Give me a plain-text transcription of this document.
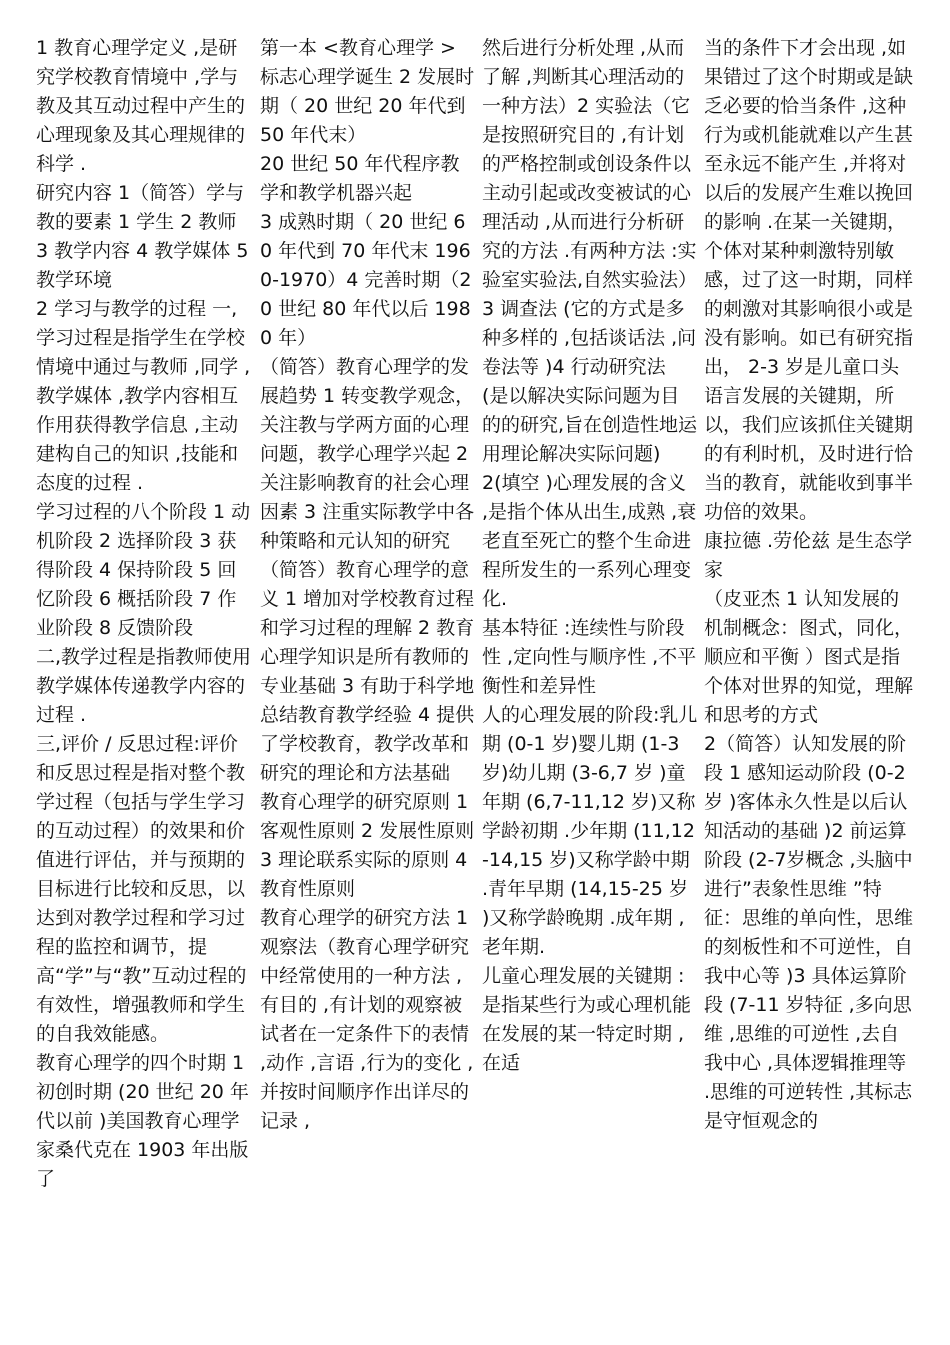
1 教育心理学定义 ,是研究学校教育情境中 ,学与教及其互动过程中产生的心理现象及其心理规律的科学 .

研究内容 1（简答）学与教的要素 1 学生 2 教师 3 教学内容 4 教学媒体 5 教学环境

2 学习与教学的过程 一,学习过程是指学生在学校情境中通过与教师 ,同学 ,教学媒体 ,教学内容相互作用获得教学信息 ,主动建构自己的知识 ,技能和态度的过程 .

学习过程的八个阶段 1 动机阶段 2 选择阶段 3 获得阶段 4 保持阶段 5 回忆阶段 6 概括阶段 7 作业阶段 8 反馈阶段

二,教学过程是指教师使用教学媒体传递教学内容的过程 .

三,评价 / 反思过程:评价和反思过程是指对整个教学过程（包括与学生学习的互动过程）的效果和价值进行评估，并与预期的目标进行比较和反思，以达到对教学过程和学习过程的监控和调节，提高“学”与“教”互动过程的有效性，增强教师和学生的自我效能感。

教育心理学的四个时期 1 初创时期 (20 世纪 20 年代以前 )美国教育心理学家桑代克在 1903 年出版了

第一本 <教育心理学 > 标志心理学诞生 2 发展时期（ 20 世纪 20 年代到 50 年代末）

20 世纪 50 年代程序教学和教学机器兴起

3 成熟时期（ 20 世纪 60 年代到 70 年代末 1960-1970）4 完善时期（20 世纪 80 年代以后 1980 年）

（简答）教育心理学的发展趋势 1 转变教学观念，关注教与学两方面的心理问题，教学心理学兴起 2 关注影响教育的社会心理因素 3 注重实际教学中各种策略和元认知的研究

（简答）教育心理学的意义 1 增加对学校教育过程和学习过程的理解 2 教育心理学知识是所有教师的专业基础 3 有助于科学地总结教育教学经验 4 提供了学校教育，教学改革和研究的理论和方法基础

教育心理学的研究原则 1 客观性原则 2 发展性原则 3 理论联系实际的原则 4 教育性原则

教育心理学的研究方法 1 观察法（教育心理学研究中经常使用的一种方法 ,有目的 ,有计划的观察被试者在一定条件下的表情 ,动作 ,言语 ,行为的变化 ,并按时间顺序作出详尽的记录 ,

然后进行分析处理 ,从而了解 ,判断其心理活动的一种方法）2 实验法（它是按照研究目的 ,有计划的严格控制或创设条件以主动引起或改变被试的心理活动 ,从而进行分析研究的方法 .有两种方法 :实验室实验法,自然实验法）

3 调查法 (它的方式是多种多样的 ,包括谈话法 ,问卷法等 )4 行动研究法 (是以解决实际问题为目的的研究,旨在创造性地运用理论解决实际问题)

2(填空 )心理发展的含义 ,是指个体从出生,成熟 ,衰老直至死亡的整个生命进程所发生的一系列心理变化.

基本特征 :连续性与阶段性 ,定向性与顺序性 ,不平衡性和差异性

人的心理发展的阶段:乳儿期 (0-1 岁)婴儿期 (1-3 岁)幼儿期 (3-6,7 岁 )童年期 (6,7-11,12 岁)又称学龄初期 .少年期 (11,12-14,15 岁)又称学龄中期 .青年早期 (14,15-25 岁 )又称学龄晚期 .成年期 ,老年期.

儿童心理发展的关键期 :是指某些行为或心理机能在发展的某一特定时期 ,在适

当的条件下才会出现 ,如果错过了这个时期或是缺乏必要的恰当条件 ,这种行为或机能就难以产生甚至永远不能产生 ,并将对以后的发展产生难以挽回的影响 .在某一关键期，个体对某种刺激特别敏感，过了这一时期，同样的刺激对其影响很小或是没有影响。如已有研究指出， 2-3 岁是儿童口头语言发展的关键期，所以，我们应该抓住关键期的有利时机，及时进行恰当的教育，就能收到事半功倍的效果。

康拉德 .劳伦兹 是生态学家

（皮亚杰 1 认知发展的机制概念：图式，同化，顺应和平衡 ）图式是指个体对世界的知觉，理解和思考的方式

2（简答）认知发展的阶段 1 感知运动阶段 (0-2 岁 )客体永久性是以后认知活动的基础 )2 前运算阶段 (2-7岁概念 ,头脑中进行”表象性思维 ”特征：思维的单向性，思维的刻板性和不可逆性，自我中心等 )3 具体运算阶段 (7-11 岁特征 ,多向思维 ,思维的可逆性 ,去自我中心 ,具体逻辑推理等 .思维的可逆转性 ,其标志是守恒观念的
